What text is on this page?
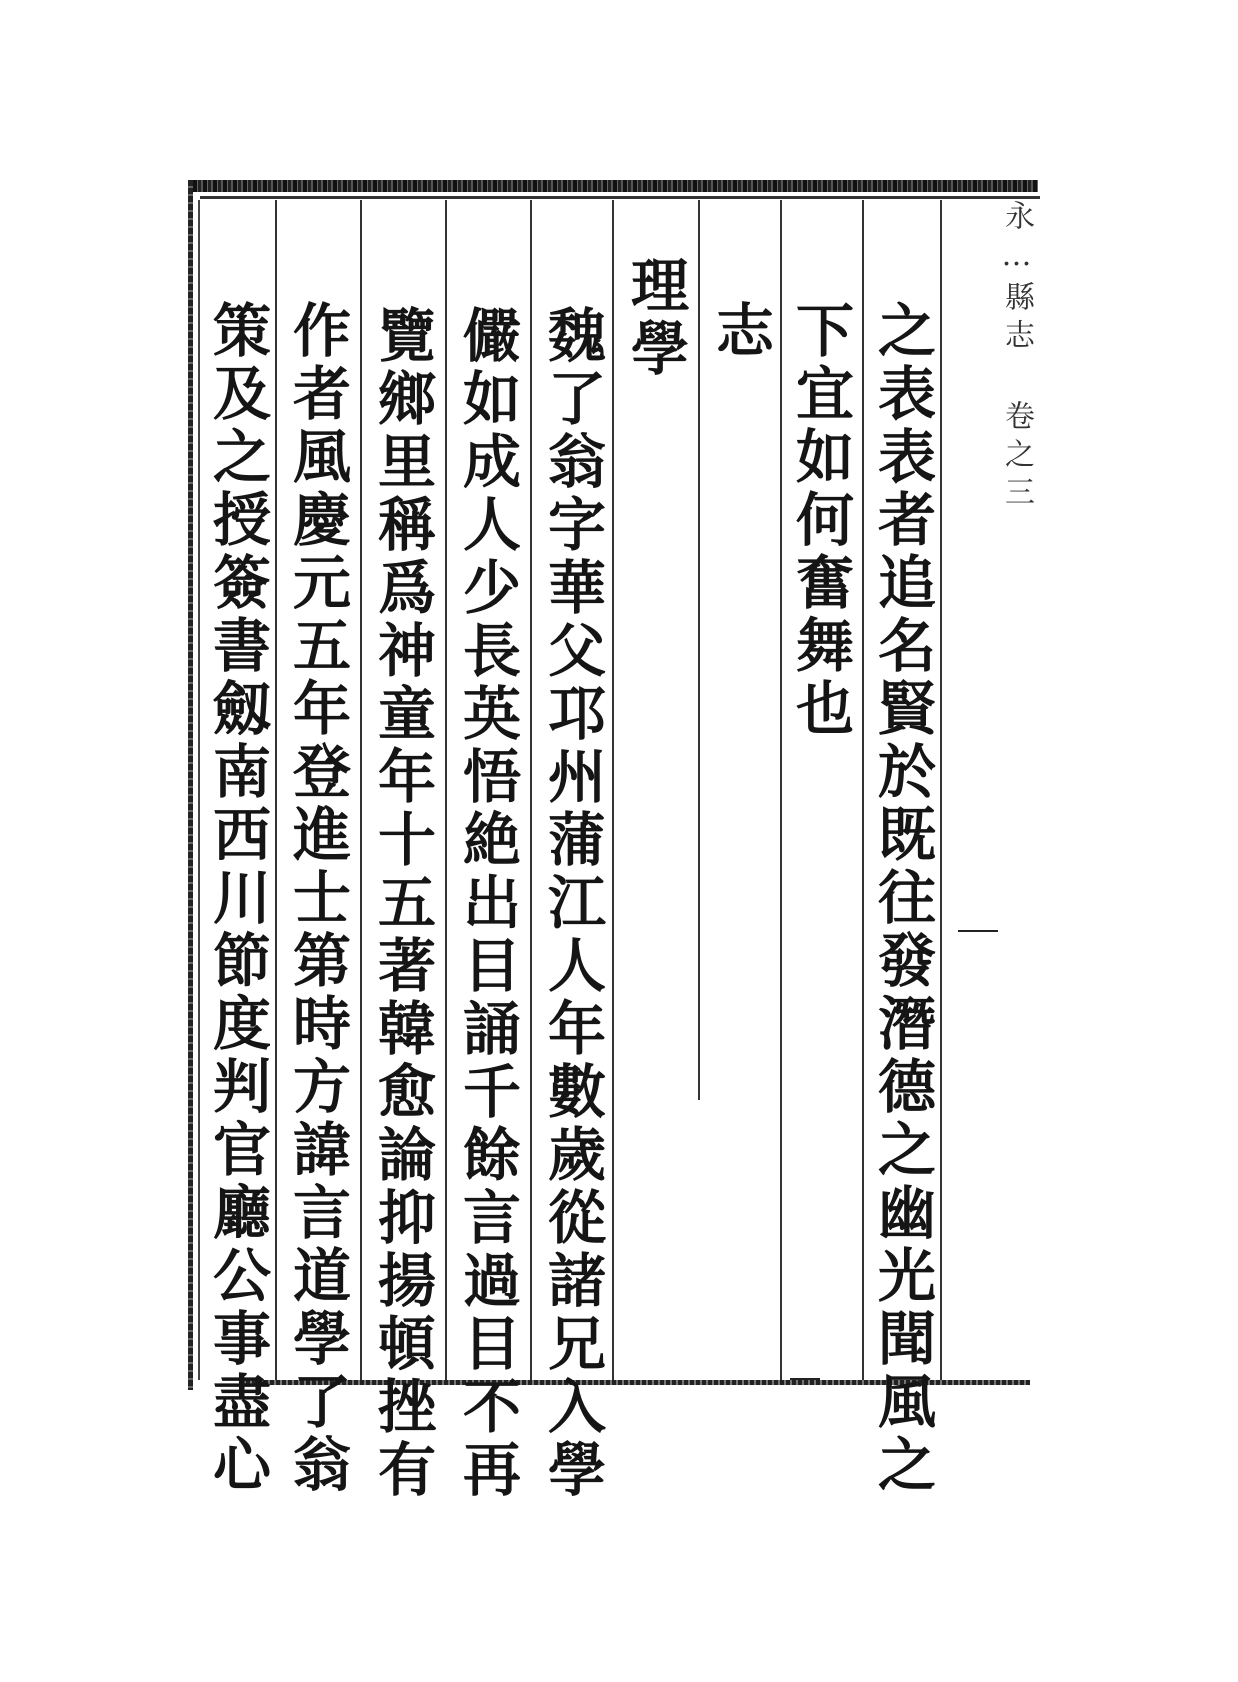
永…縣志 卷之三
之表表者追名賢於既往發潛德之幽光聞風之
下宜如何奮舞也
志
理學
魏了翁字華父邛州蒲江人年數歲從諸兄入學
儼如成人少長英悟絶出目誦千餘言過目不再
覽鄉里稱爲神童年十五著韓愈論抑揚頓挫有
作者風慶元五年登進士第時方諱言道學了翁
策及之授簽書劔南西川節度判官廳公事盡心
